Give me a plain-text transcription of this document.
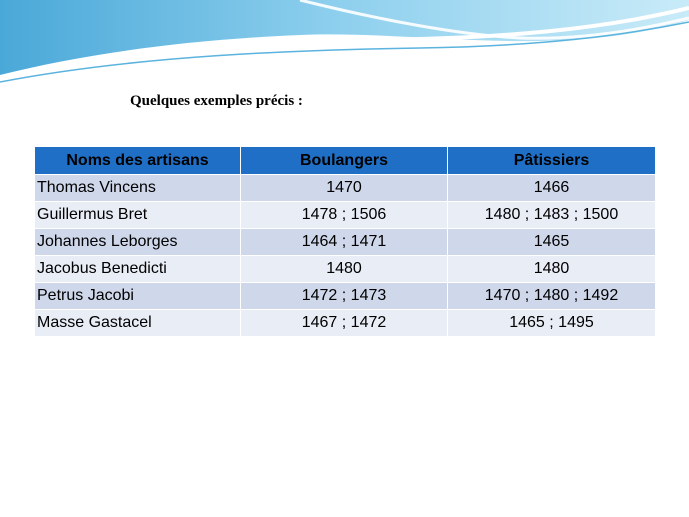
Quelques exemples précis :
Noms des artisans	Boulangers	Pâtissiers
Thomas Vincens	1470	1466
Guillermus Bret	1478 ; 1506	1480 ; 1483 ; 1500
Johannes Leborges	1464 ; 1471	1465
Jacobus Benedicti	1480	1480
Petrus Jacobi	1472 ; 1473	1470 ; 1480 ; 1492
Masse Gastacel	1467 ; 1472	1465 ; 1495
